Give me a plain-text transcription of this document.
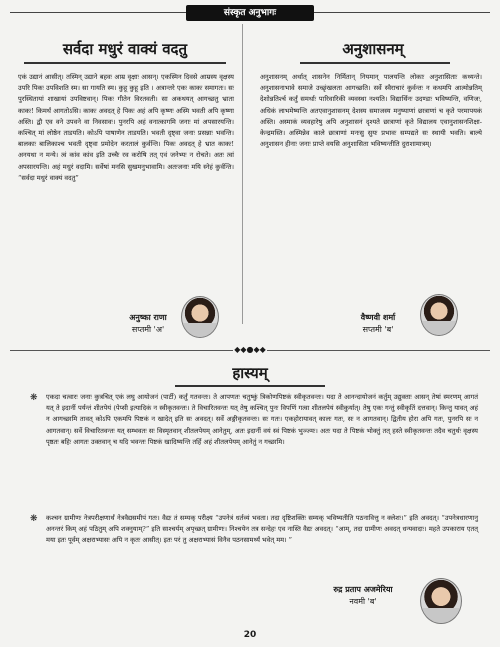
संस्कृत अनुभागः
सर्वदा मधुरं वाक्यं वदतु
एकं उद्यानं आसीत्। तस्मिन् उद्याने बहवः आम्र वृक्षाः आसन्। एकस्मिन दिवसे आम्रस्य वृक्षस्य उपरि पिकः उपविशति स्म। सा गायति स्म। कुहू कुहू इति । अत्रान्तरे एकः काकः समागतः। सः पुरस्थितायां शाखायां उपविष्टवान्। पिकः गीतेन विरतवती। सा अकथयत् आगच्छतु भ्राता काकः! किमर्थं आगतोऽसि। काकः अवदत् हे पिकः अहं अपि कृष्णः अस्मि भवती अपि कृष्णा अस्ति। द्वौ एव वने उपवने वा निवसावः। पुनरपि अहं वनात्कागमि जनाः मां अपसारयन्ति। कश्चित् मां लोष्ठेन ताडयति। कोऽपि पाषाणेन ताडयति। भवती दृष्ट्वा जनाः प्रसन्नाः भवन्ति। बालकाः बालिकाश्च भवती दृष्ट्वा प्रमोदेन करतालं कुर्वन्ति। पिकः अवदत् हे भ्रात काकः! अनयथा न मन्ये। त्वं कांव कांव इति उच्चैः रव करोषि तत् एवं जनेभ्यः न रोचते। अतः त्वां अपसारयन्ति। अहं मधुरं वदामि। सर्वेषां मनसि सुखमनुभावामि। अतःजनाः मयि स्नेहं कुर्वन्ति। “सर्वदा मधुरं वाक्यं वदतु”
अनुष्का राणा
सप्तमी 'अ'
अनुशासनम्
अनुशासनम् अर्थात् शासनेन निर्मितान् नियमान् पालयन्ति लोकाः अनुशासिताः कथ्यन्ते। अनुशासनाभावे समाजे उच्छृंखलता आगच्छति। सर्वे स्वैराचारं कुर्वन्तः न कथमपि आत्मोन्नतिम् देशोन्नतिर्श्च कर्तुं समर्थाः पारिवारिकी व्यवस्था नश्यति। विद्यार्थिनः उदण्डाः भविष्यन्ति, वणिजः, अधिकं लाभमेष्यन्ति अतएवानुशासनम् देशस्य समाजस्य मनुष्याणां छात्राणां च कृते परमापयकं अस्ति। अस्माकं व्यवहारेषु अपि अनुशासनं दृश्यते छात्राणां कृते विद्यालय एवानुशासनशिक्षा-केन्द्रमस्ति। अस्मिन्नेव काले छात्राणां मनःसु सुयः प्रभावः सम्पद्यते सः स्थायी भवति। बाल्ये अनुशासन हीनाः जनाः प्राप्ते वयसि अनुशासिता भविष्यन्तीति दुराशामात्रम्।
वैष्णवी शर्मा
सप्तमी 'ब'
◆◆●◆◆
हास्यम्
❋ एकदा चत्वारः जनाः कुत्रचित् एकं लघु आयोजनं (पार्टी) कर्तुं गतवन्तः। ते आपणतः चतुष्कुं त्रिकोणपिष्टकं स्वीकृतवन्तः। यदा ते आनन्दायोजनं कर्तुम् उद्युक्ताः आसन् तेषां स्मरणम् आगतं यत् ते इदानीं पर्यन्तं शीतपेयं (पेप्सी इत्यादिकं न स्वीकृतवन्तः। ते विचारितवन्तः यत् तेषु कश्चित् पुनः विपणिं गत्वा शीतलपेयं स्वीकुर्यात्। तेषु एकः गन्तुं स्वीकृतिं दत्तवान्। किन्तु यावत् अहं न आगच्छामि तावत् कोऽपि एकमपि पिष्टकं न खादेत् इति सः अवदत्। सर्वे अङ्गीकृतवन्तः। सः गतः। एकहोरायावत् कालः गतः, सः न आगतवान्। द्वितीय होरा अपि गतः, पुनरपि सः न आगतवान्। सर्वे विचारितवन्तः यत् सम्भवतः सः विस्मृतवान् शीतलपेयम् आनेतुम्, अतः इदानीं वयं स्वं पिष्टकं भुञ्ज्मः। अतः यदा ते पिष्टकं भोक्तुं तत् हस्ते स्वीकृतवन्तः तदैव चतुर्थः वृक्षस्य पृष्ठतः बहिः आगतः उक्तवान् च यदि भवन्तः पिष्टकं खादिष्यन्ति तर्हि अहं शीतलपेयम् आनेतुं न गच्छामि।
❋ कश्चन ग्रामीणः नेत्रपरीक्षणार्थं नेत्रवैद्यसमीपं गतः। वैद्यः तं सम्यक् परीक्ष्य “उपनेत्रं धर्तव्यं भवता। तदा दृष्टिशक्तिः सम्यक् भविष्यतीति पठनावित्तु न क्लेशः।” इति अवदत्। “उपनेत्रधारणानु अनन्तरं किम् अहं पठितुम् अपि शक्नुयाम्?” इति साश्चर्यम् अपृच्छत् ग्रामीणः। निश्चयेन तत्र सन्देहः एव नास्ति वैद्यः अवदत्। “आम्, तदा ग्रामीणः अवदत् धन्यवादाः। महते उपकाराय एतत् मया इतः पूर्वम् अक्षराभ्यासः अपि न कृतः आसीत्। इतः परं तु अक्षराभ्यासं विनैव पठनसामर्थ्यं भवेत् मम। ”
रुद्र प्रताप अजमेरिया
नवमी 'ब'
20
